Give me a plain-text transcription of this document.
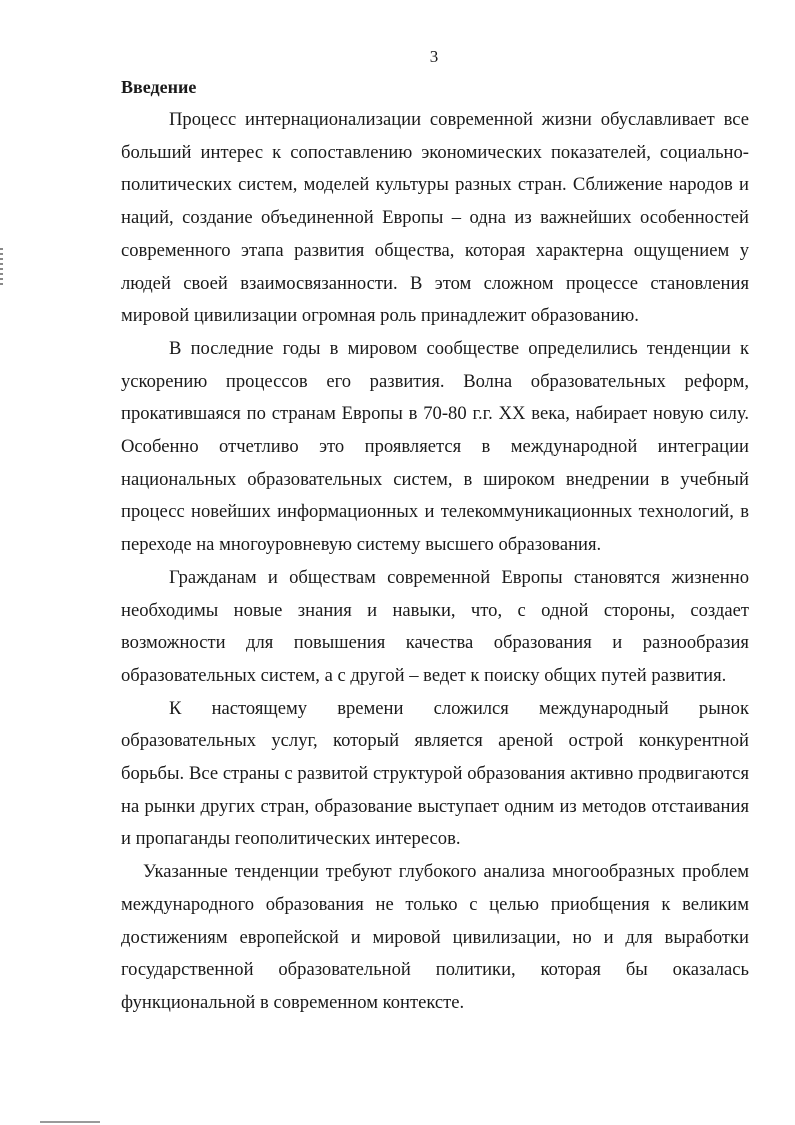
3
Введение

Процесс интернационализации современной жизни обуславливает все больший интерес к сопоставлению экономических показателей, социально-политических систем, моделей культуры разных стран. Сближение народов и наций, создание объединенной Европы – одна из важнейших особенностей современного этапа развития общества, которая характерна ощущением у людей своей взаимосвязанности. В этом сложном процессе становления мировой цивилизации огромная роль принадлежит образованию.

В последние годы в мировом сообществе определились тенденции к ускорению процессов его развития. Волна образовательных реформ, прокатившаяся по странам Европы в 70-80 г.г. XX века, набирает новую силу. Особенно отчетливо это проявляется в международной интеграции национальных образовательных систем, в широком внедрении в учебный процесс новейших информационных и телекоммуникационных технологий, в переходе на многоуровневую систему высшего образования.

Гражданам и обществам современной Европы становятся жизненно необходимы новые знания и навыки, что, с одной стороны, создает возможности для повышения качества образования и разнообразия образовательных систем, а с другой – ведет к поиску общих путей развития.

К настоящему времени сложился международный рынок образовательных услуг, который является ареной острой конкурентной борьбы. Все страны с развитой структурой образования активно продвигаются на рынки других стран, образование выступает одним из методов отстаивания и пропаганды геополитических интересов.

Указанные тенденции требуют глубокого анализа многообразных проблем международного образования не только с целью приобщения к великим достижениям европейской и мировой цивилизации, но и для выработки государственной образовательной политики, которая бы оказалась функциональной в современном контексте.
